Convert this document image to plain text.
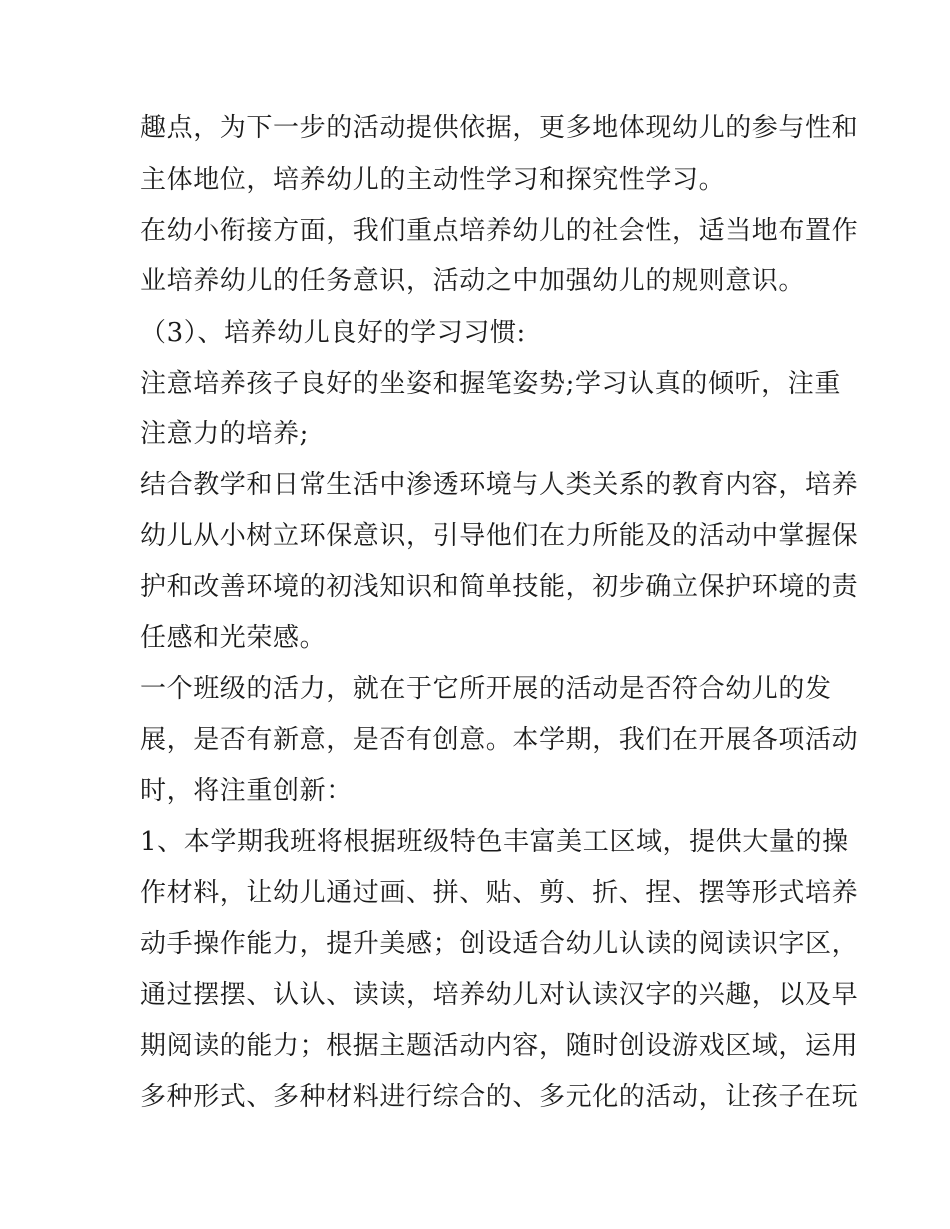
趣点，为下一步的活动提供依据，更多地体现幼儿的参与性和
主体地位，培养幼儿的主动性学习和探究性学习。
在幼小衔接方面，我们重点培养幼儿的社会性，适当地布置作
业培养幼儿的任务意识，活动之中加强幼儿的规则意识。
（3）、培养幼儿良好的学习习惯:
注意培养孩子良好的坐姿和握笔姿势;学习认真的倾听，注重
注意力的培养;
结合教学和日常生活中渗透环境与人类关系的教育内容，培养
幼儿从小树立环保意识，引导他们在力所能及的活动中掌握保
护和改善环境的初浅知识和简单技能，初步确立保护环境的责
任感和光荣感。
一个班级的活力，就在于它所开展的活动是否符合幼儿的发
展，是否有新意，是否有创意。本学期，我们在开展各项活动
时，将注重创新：
1、本学期我班将根据班级特色丰富美工区域，提供大量的操
作材料，让幼儿通过画、拼、贴、剪、折、捏、摆等形式培养
动手操作能力，提升美感；创设适合幼儿认读的阅读识字区，
通过摆摆、认认、读读，培养幼儿对认读汉字的兴趣，以及早
期阅读的能力；根据主题活动内容，随时创设游戏区域，运用
多种形式、多种材料进行综合的、多元化的活动，让孩子在玩
